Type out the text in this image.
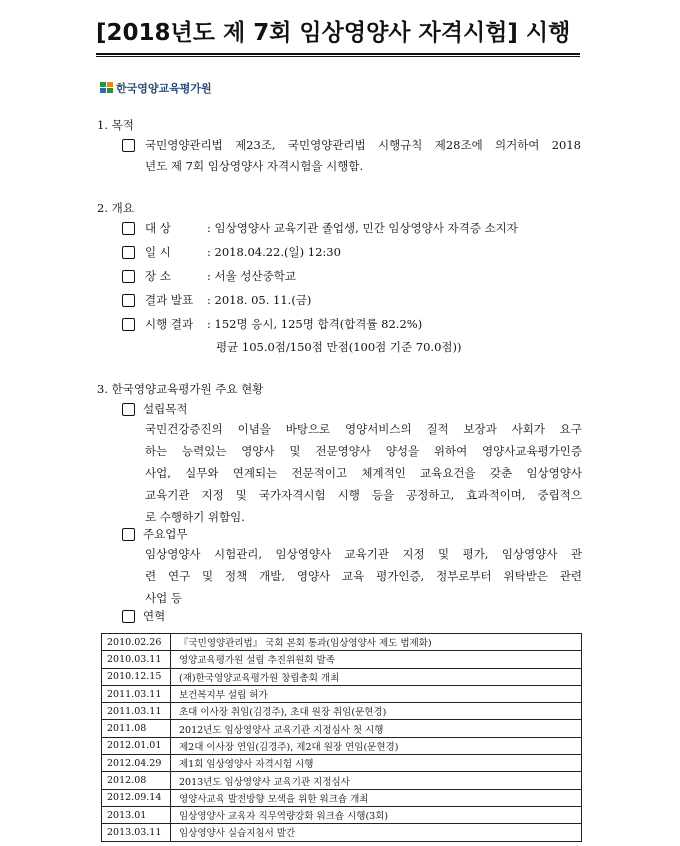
[2018년도 제 7회 임상영양사 자격시험] 시행
한국영양교육평가원
1. 목적
국민영양관리법 제23조, 국민영양관리법 시행규칙 제28조에 의거하여 2018
년도 제 7회 임상영양사 자격시험을 시행함.
2. 개요
대 상	: 임상영양사 교육기관 졸업생, 민간 임상영양사 자격증 소지자
일 시	: 2018.04.22.(일) 12:30
장 소	: 서울 성산중학교
결과 발표 : 2018. 05. 11.(금)
시행 결과 : 152명 응시, 125명 합격(합격률 82.2%)
평균 105.0점/150점 만점(100점 기준 70.0점))
3. 한국영양교육평가원 주요 현황
설립목적
국민건강증진의 이념을 바탕으로 영양서비스의 질적 보장과 사회가 요구
하는 능력있는 영양사 및 전문영양사 양성을 위하여 영양사교육평가인증
사업, 실무와 연계되는 전문적이고 체계적인 교육요건을 갖춘 임상영양사
교육기관 지정 및 국가자격시험 시행 등을 공정하고, 효과적이며, 중립적으
로 수행하기 위함임.
주요업무
임상영양사 시험관리, 임상영양사 교육기관 지정 및 평가, 임상영양사 관
련 연구 및 정책 개발, 영양사 교육 평가인증, 정부로부터 위탁받은 관련
사업 등
연혁
2010.02.26	『국민영양관리법』 국회 본회 통과(임상영양사 제도 법제화)
2010.03.11	영양교육평가원 설립 추진위원회 발족
2010.12.15	(재)한국영양교육평가원 창립총회 개최
2011.03.11	보건복지부 설립 허가
2011.03.11	초대 이사장 취임(김경주), 초대 원장 취임(문현경)
2011.08	2012년도 임상영양사 교육기관 지정심사 첫 시행
2012.01.01	제2대 이사장 연임(김경주), 제2대 원장 연임(문현경)
2012.04.29	제1회 임상영양사 자격시험 시행
2012.08	2013년도 임상영양사 교육기관 지정심사
2012.09.14	영양사교육 발전방향 모색을 위한 워크숍 개최
2013.01	임상영양사 교육자 직무역량강화 워크숍 시행(3회)
2013.03.11	임상영양사 실습지침서 발간
